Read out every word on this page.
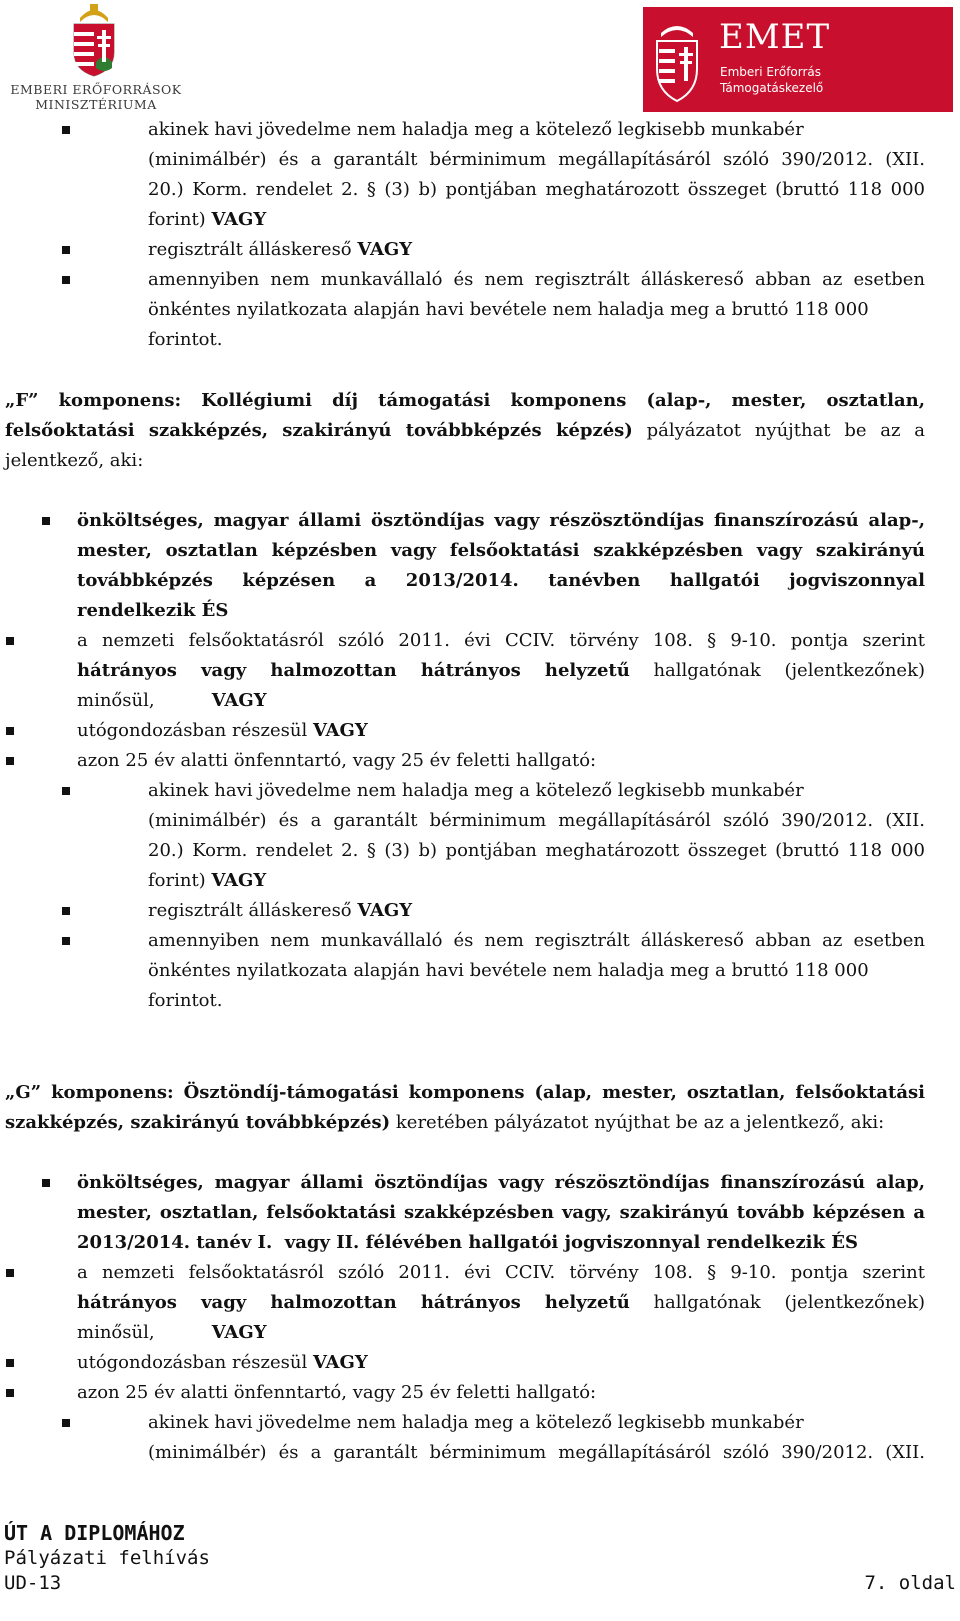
EMBERI ERŐFORRÁSOK
MINISZTÉRIUMA
EMET
Emberi Erőforrás
Támogatáskezelő
akinek havi jövedelme nem haladja meg a kötelező legkisebb munkabér
(minimálbér) és a garantált bérminimum megállapításáról szóló 390/2012. (XII.
20.) Korm. rendelet 2. § (3) b) pontjában meghatározott összeget (bruttó 118 000
forint) VAGY
regisztrált álláskereső VAGY
amennyiben nem munkavállaló és nem regisztrált álláskereső abban az esetben
önkéntes nyilatkozata alapján havi bevétele nem haladja meg a bruttó 118 000
forintot.
„F” komponens: Kollégiumi díj támogatási komponens (alap-, mester, osztatlan,
felsőoktatási szakképzés, szakirányú továbbképzés képzés) pályázatot nyújthat be az a
jelentkező, aki:
önköltséges, magyar állami ösztöndíjas vagy részösztöndíjas finanszírozású alap-,
mester, osztatlan képzésben vagy felsőoktatási szakképzésben vagy szakirányú
továbbképzés képzésen a 2013/2014. tanévben hallgatói jogviszonnyal
rendelkezik ÉS
a nemzeti felsőoktatásról szóló 2011. évi CCIV. törvény 108. § 9-10. pontja szerint
hátrányos vagy halmozottan hátrányos helyzetű hallgatónak (jelentkezőnek)
minősül,          VAGY
utógondozásban részesül VAGY
azon 25 év alatti önfenntartó, vagy 25 év feletti hallgató:
akinek havi jövedelme nem haladja meg a kötelező legkisebb munkabér
(minimálbér) és a garantált bérminimum megállapításáról szóló 390/2012. (XII.
20.) Korm. rendelet 2. § (3) b) pontjában meghatározott összeget (bruttó 118 000
forint) VAGY
regisztrált álláskereső VAGY
amennyiben nem munkavállaló és nem regisztrált álláskereső abban az esetben
önkéntes nyilatkozata alapján havi bevétele nem haladja meg a bruttó 118 000
forintot.
„G” komponens: Ösztöndíj-támogatási komponens (alap, mester, osztatlan, felsőoktatási
szakképzés, szakirányú továbbképzés) keretében pályázatot nyújthat be az a jelentkező, aki:
önköltséges, magyar állami ösztöndíjas vagy részösztöndíjas finanszírozású alap,
mester, osztatlan, felsőoktatási szakképzésben vagy, szakirányú tovább képzésen a
2013/2014. tanév I.  vagy II. félévében hallgatói jogviszonnyal rendelkezik ÉS
a nemzeti felsőoktatásról szóló 2011. évi CCIV. törvény 108. § 9-10. pontja szerint
hátrányos vagy halmozottan hátrányos helyzetű hallgatónak (jelentkezőnek)
minősül,          VAGY
utógondozásban részesül VAGY
azon 25 év alatti önfenntartó, vagy 25 év feletti hallgató:
akinek havi jövedelme nem haladja meg a kötelező legkisebb munkabér
(minimálbér) és a garantált bérminimum megállapításáról szóló 390/2012. (XII.
ÚT A DIPLOMÁHOZ
Pályázati felhívás
UD-13	7. oldal
